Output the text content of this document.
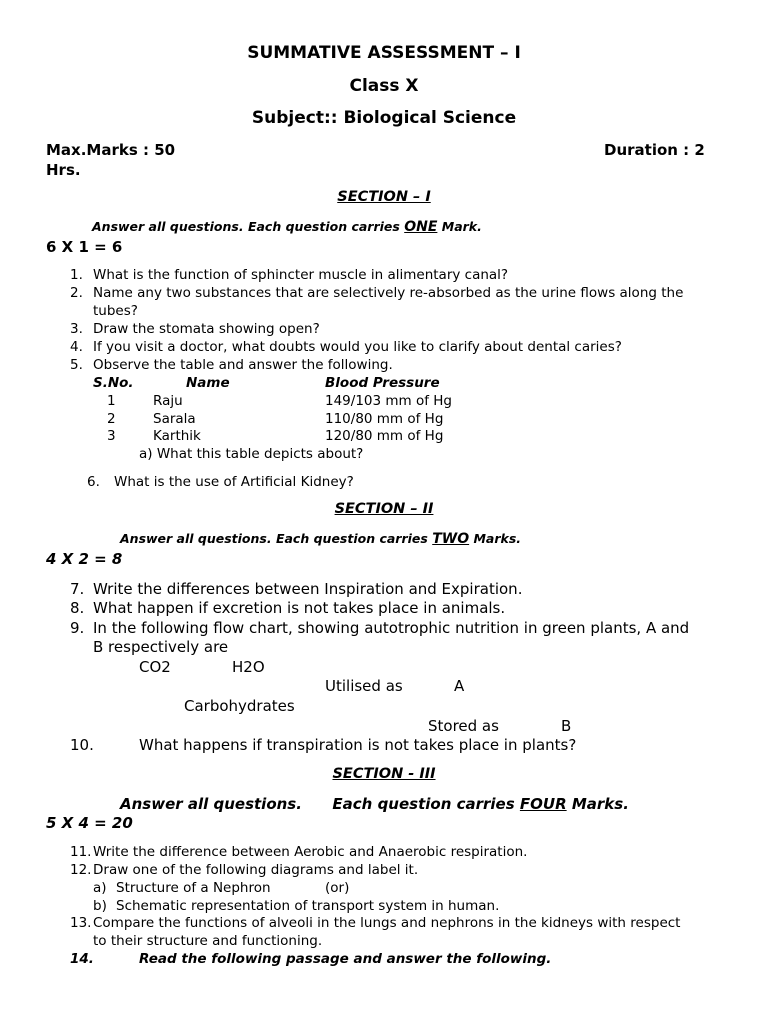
SUMMATIVE ASSESSMENT – I
Class X
Subject:: Biological Science
Max.Marks : 50	Duration : 2
Hrs.
SECTION – I
Answer all questions. Each question carries ONE Mark.
6 X 1 = 6
1. What is the function of sphincter muscle in alimentary canal?
2. Name any two substances that are selectively re-absorbed as the urine flows along the
tubes?
3. Draw the stomata showing open?
4. If you visit a doctor, what doubts would you like to clarify about dental caries?
5. Observe the table and answer the following.
S.No.	Name	Blood Pressure
1	Raju	149/103 mm of Hg
2	Sarala	110/80 mm of Hg
3	Karthik	120/80 mm of Hg
a) What this table depicts about?
6. What is the use of Artificial Kidney?
SECTION – II
Answer all questions. Each question carries TWO Marks.
4 X 2 = 8
7. Write the differences between Inspiration and Expiration.
8. What happen if excretion is not takes place in animals.
9. In the following flow chart, showing autotrophic nutrition in green plants, A and
B respectively are
CO2	H2O
Utilised as	A
Carbohydrates
Stored as	B
10.	What happens if transpiration is not takes place in plants?
SECTION - III
Answer all questions. Each question carries FOUR Marks.
5 X 4 = 20
11. Write the difference between Aerobic and Anaerobic respiration.
12. Draw one of the following diagrams and label it.
a) Structure of a Nephron	(or)
b) Schematic representation of transport system in human.
13. Compare the functions of alveoli in the lungs and nephrons in the kidneys with respect
to their structure and functioning.
14.	Read the following passage and answer the following.
